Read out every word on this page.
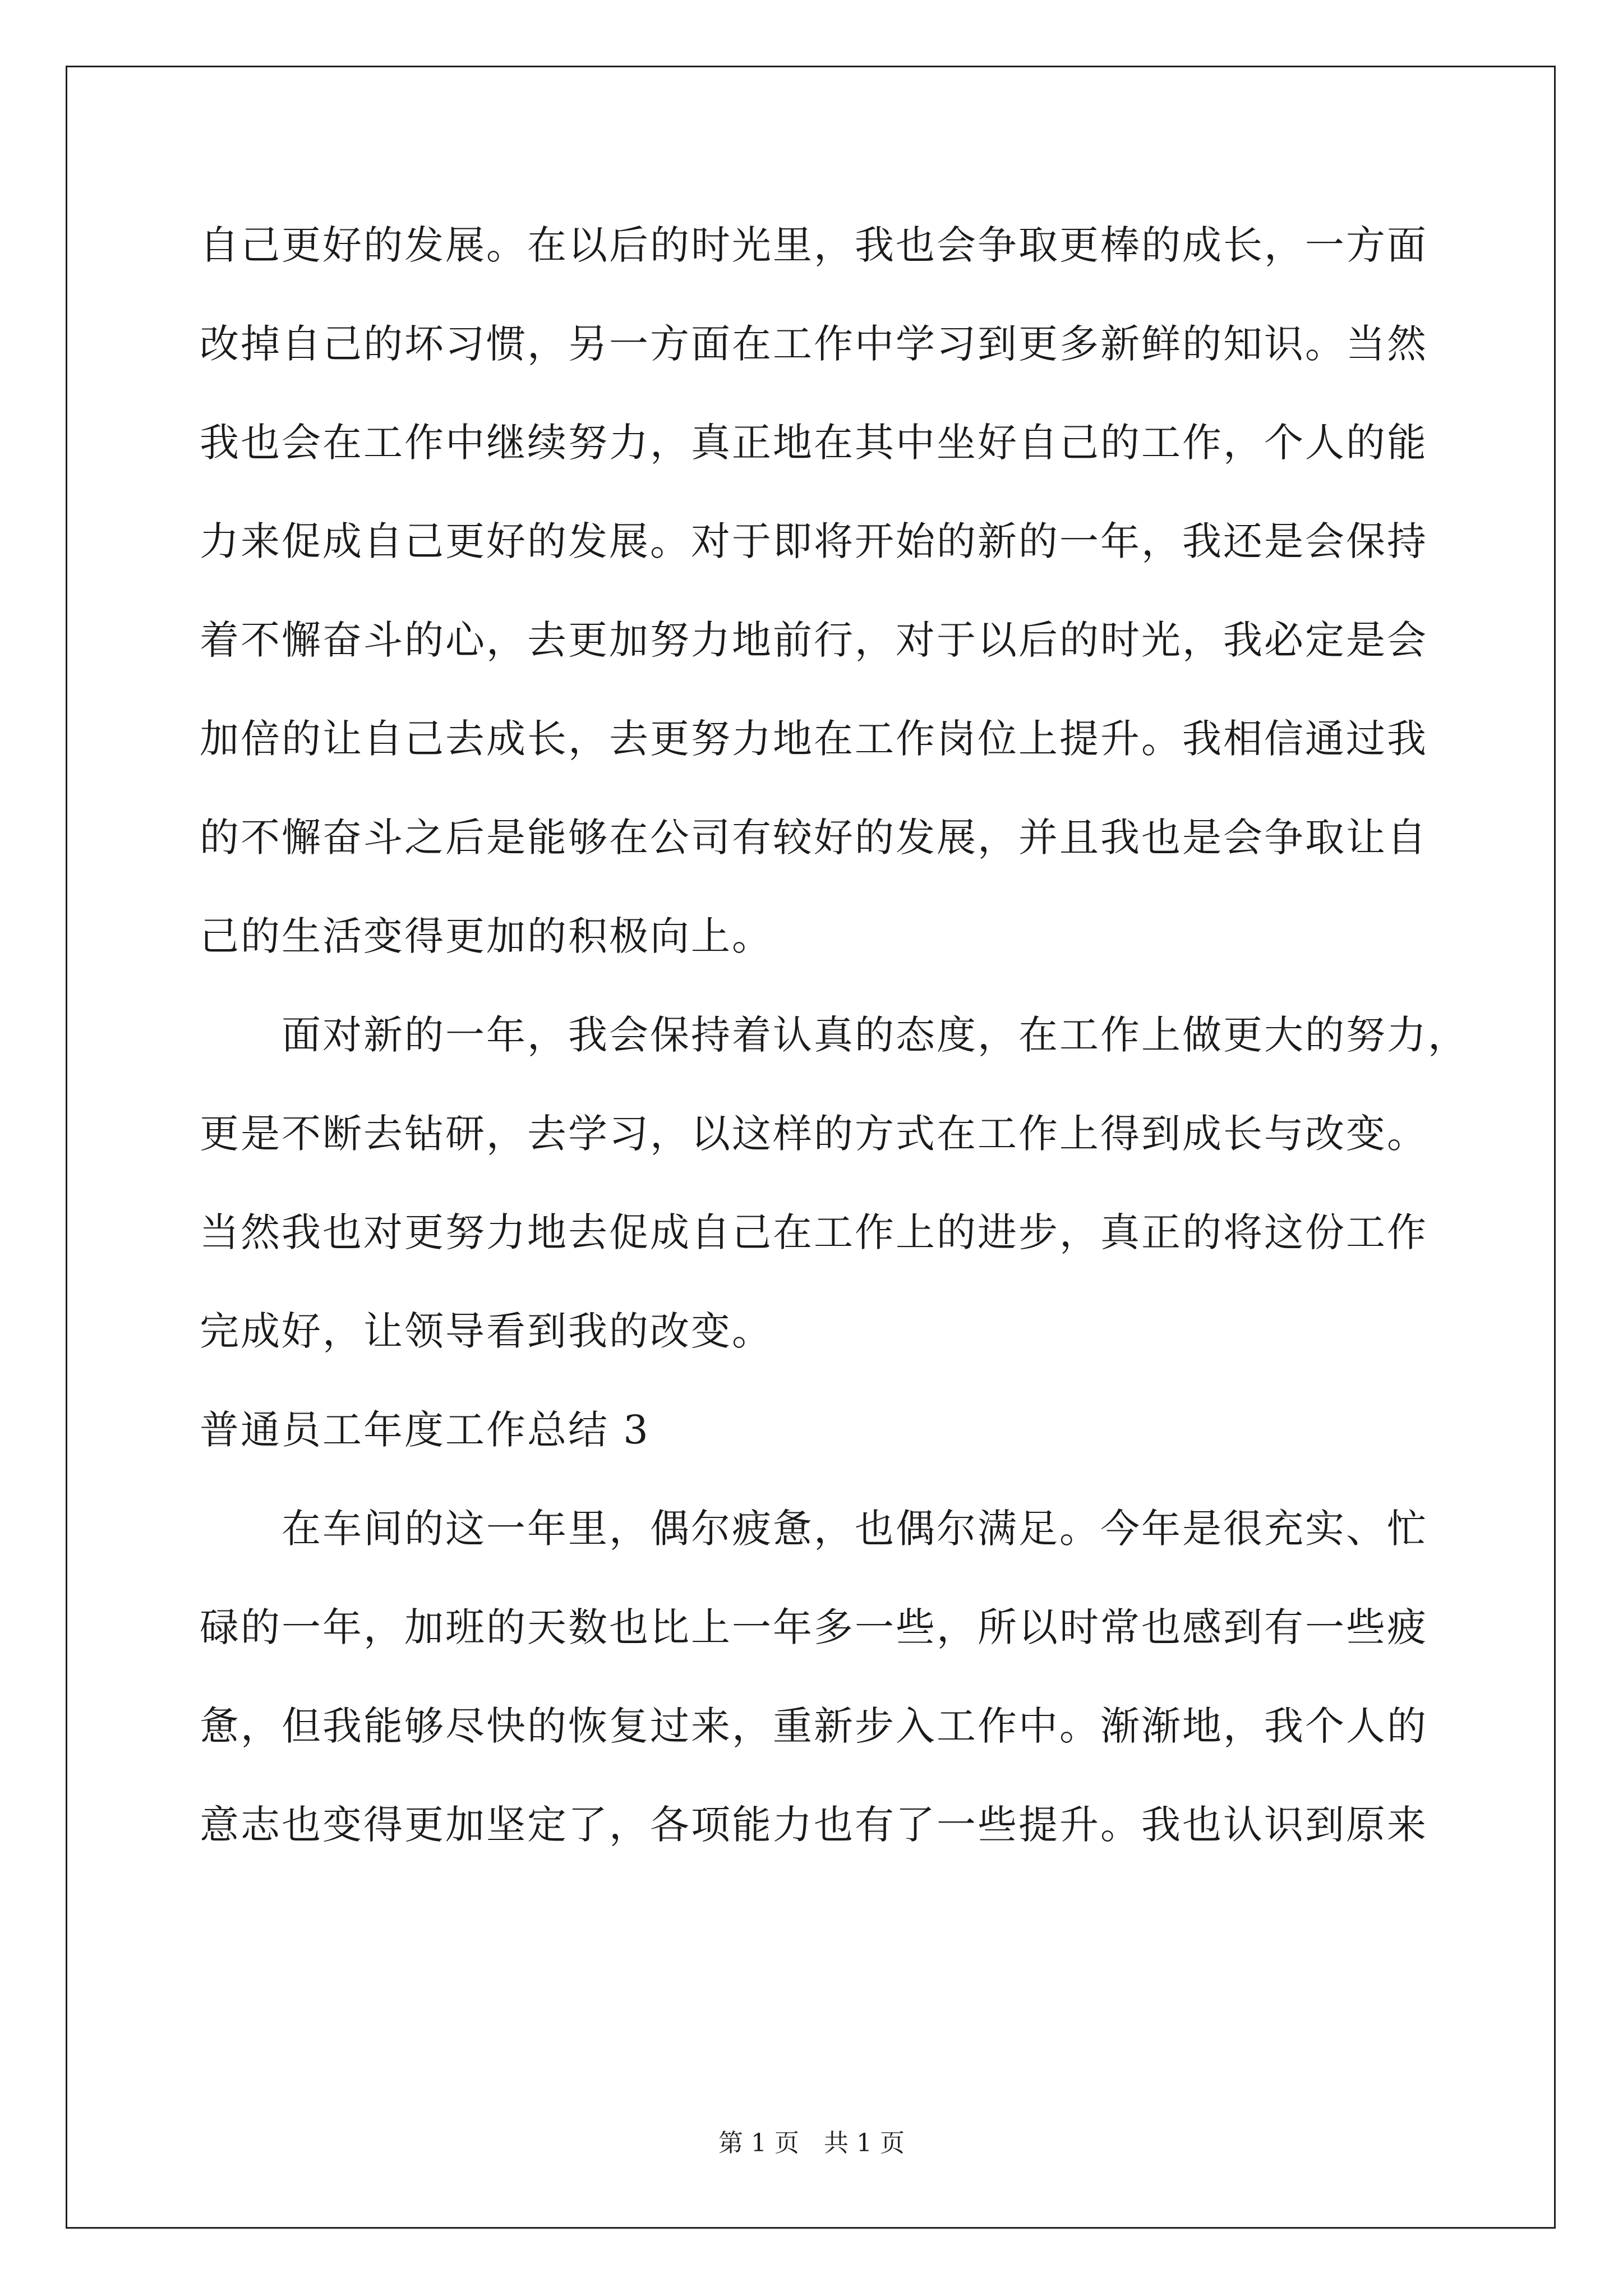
自己更好的发展。在以后的时光里，我也会争取更棒的成长，一方面
改掉自己的坏习惯，另一方面在工作中学习到更多新鲜的知识。当然
我也会在工作中继续努力，真正地在其中坐好自己的工作，个人的能
力来促成自己更好的发展。对于即将开始的新的一年，我还是会保持
着不懈奋斗的心，去更加努力地前行，对于以后的时光，我必定是会
加倍的让自己去成长，去更努力地在工作岗位上提升。我相信通过我
的不懈奋斗之后是能够在公司有较好的发展，并且我也是会争取让自
己的生活变得更加的积极向上。
　　面对新的一年，我会保持着认真的态度，在工作上做更大的努力，
更是不断去钻研，去学习，以这样的方式在工作上得到成长与改变。
当然我也对更努力地去促成自己在工作上的进步，真正的将这份工作
完成好，让领导看到我的改变。
普通员工年度工作总结 3
　　在车间的这一年里，偶尔疲惫，也偶尔满足。今年是很充实、忙
碌的一年，加班的天数也比上一年多一些，所以时常也感到有一些疲
惫，但我能够尽快的恢复过来，重新步入工作中。渐渐地，我个人的
意志也变得更加坚定了，各项能力也有了一些提升。我也认识到原来
第 1 页　共 1 页
